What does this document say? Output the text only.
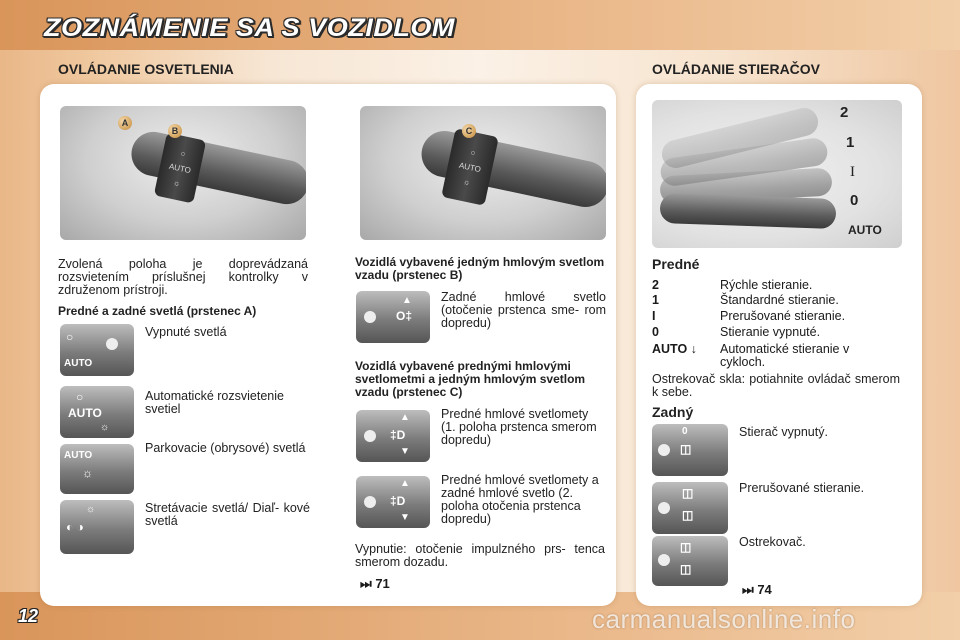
ZOZNÁMENIE SA S VOZIDLOM
OVLÁDANIE OSVETLENIA
○
AUTO
☼
A
B
○
AUTO
☼
C
Zvolená poloha je doprevádzaná rozsvietením príslušnej kontrolky v združenom prístroji.
Predné a zadné svetlá (prstenec A)
○
AUTO
Vypnuté svetlá
○
AUTO
☼
Automatické rozsvietenie svetiel
AUTO
☼
Parkovacie (obrysové) svetlá
☼
◐ ◑
Stretávacie svetlá/ Diaľ- kové svetlá
Vozidlá vybavené jedným hmlovým svetlom vzadu (prstenec B)
▲
O‡
Zadné hmlové svetlo (otočenie prstenca sme- rom dopredu)
Vozidlá vybavené prednými hmlovými svetlometmi a jedným hmlovým svetlom vzadu (prstenec C)
▲
‡D
▼
Predné hmlové svetlomety (1. poloha prstenca smerom dopredu)
▲
‡D
▼
Predné hmlové svetlomety a zadné hmlové svetlo (2. poloha otočenia prstenca dopredu)
Vypnutie: otočenie impulzného prs- tenca smerom dozadu.
⏭ 71
OVLÁDANIE STIERAČOV
2
1
I
0
AUTO
Predné
2	Rýchle stieranie.
1	Štandardné stieranie.
I	Prerušované stieranie.
0	Stieranie vypnuté.
AUTO ↓ Automatické stieranie v cykloch.
Ostrekovač skla: potiahnite ovládač smerom k sebe.
Zadný
0
◫
Stierač vypnutý.
◫
◫
Prerušované stieranie.
◫
◫
Ostrekovač.
⏭ 74
12	carmanualsonline.info
